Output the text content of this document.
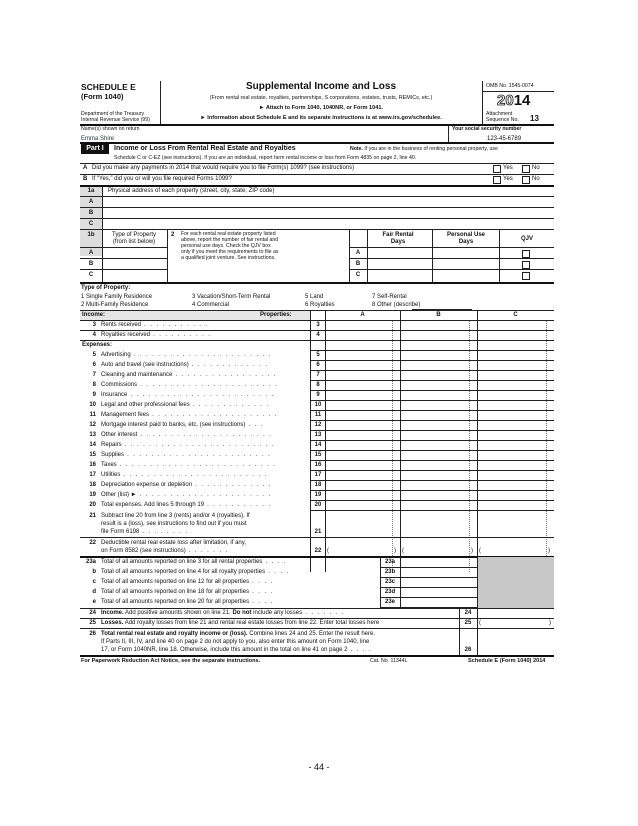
SCHEDULE E
(Form 1040)
Department of the Treasury
Internal Revenue Service (99)
Supplemental Income and Loss
(From rental real estate, royalties, partnerships, S corporations, estates, trusts, REMICs, etc.)
► Attach to Form 1040, 1040NR, or Form 1041.
► Information about Schedule E and its separate instructions is at www.irs.gov/schedulee.
OMB No. 1545-0074
2014
Attachment
Sequence No. 13
Name(s) shown on return	Your social security number
Emma Shire	123-45-6789
Part I	Income or Loss From Rental Real Estate and Royalties	Note. If you are in the business of renting personal property, use
Schedule C or C-EZ (see instructions). If you are an individual, report farm rental income or loss from Form 4835 on page 2, line 40.
A Did you make any payments in 2014 that would require you to file Form(s) 1099? (see instructions)	Yes	No
B If “Yes,” did you or will you file required Forms 1099?	Yes	No
1a	Physical address of each property (street, city, state, ZIP code)
A
B
C
1b	Type of Property
(from list below)
2 For each rental real estate property listed
above, report the number of fair rental and
personal use days. Check the QJV box
only if you meet the requirements to file as
a qualified joint venture. See instructions.
Fair Rental
Days
Personal Use
Days	QJV
A	A
B	B
C	C
Type of Property:
1 Single Family Residence
2 Multi-Family Residence
3 Vacation/Short-Term Rental
4 Commercial
5 Land
6 Royalties
7 Self-Rental
8 Other (describe)
Income:	Properties:	A	B	C
3 Rents received . . . . . . . . . . .	3
4 Royalties received . . . . . . . . . .	4
Expenses:
5 Advertising . . . . . . . . . . . . . . . . . . . . . . .	5
6 Auto and travel (see instructions) . . . . . . . . . . . . .	6
7 Cleaning and maintenance . . . . . . . . . . . . . . . . .	7
8 Commissions . . . . . . . . . . . . . . . . . . . . . . .	8
9 Insurance . . . . . . . . . . . . . . . . . . . . . . . .	9
10 Legal and other professional fees . . . . . . . . . . . . .	10
11 Management fees . . . . . . . . . . . . . . . . . . . . .	11
12 Mortgage interest paid to banks, etc. (see instructions) . . .	12
13 Other interest . . . . . . . . . . . . . . . . . . . . . .	13
14 Repairs . . . . . . . . . . . . . . . . . . . . . . . . .	14
15 Supplies . . . . . . . . . . . . . . . . . . . . . . . .	15
16 Taxes . . . . . . . . . . . . . . . . . . . . . . . . . .	16
17 Utilities . . . . . . . . . . . . . . . . . . . . . . . .	17
18 Depreciation expense or depletion . . . . . . . . . . . . .	18
19 Other (list) ► . . . . . . . . . . . . . . . . . . . . . .	19
20 Total expenses. Add lines 5 through 19 . . . . . . . . . . .	20
21 Subtract line 20 from line 3 (rents) and/or 4 (royalties). If
result is a (loss), see instructions to find out if you must
file Form 6198 . . . . . . . .	21
22 Deductible rental real estate loss after limitation, if any,
on Form 8582 (see instructions) . . . . . . .	22 (	) (	) (	)
23a Total of all amounts reported on line 3 for all rental properties . . . .	23a
b Total of all amounts reported on line 4 for all royalty properties . . . .	23b
c Total of all amounts reported on line 12 for all properties . . . .	23c
d Total of all amounts reported on line 18 for all properties . . . .	23d
e Total of all amounts reported on line 20 for all properties . . . .	23e
24 Income. Add positive amounts shown on line 21. Do not include any losses . . . . . . .	24
25 Losses. Add royalty losses from line 21 and rental real estate losses from line 22. Enter total losses here	25	(	)
26 Total rental real estate and royalty income or (loss). Combine lines 24 and 25. Enter the result here.
If Parts II, III, IV, and line 40 on page 2 do not apply to you, also enter this amount on Form 1040, line
17, or Form 1040NR, line 18. Otherwise, include this amount in the total on line 41 on page 2 . . . .	26
For Paperwork Reduction Act Notice, see the separate instructions.	Cat. No. 11344L	Schedule E (Form 1040) 2014
- 44 -
